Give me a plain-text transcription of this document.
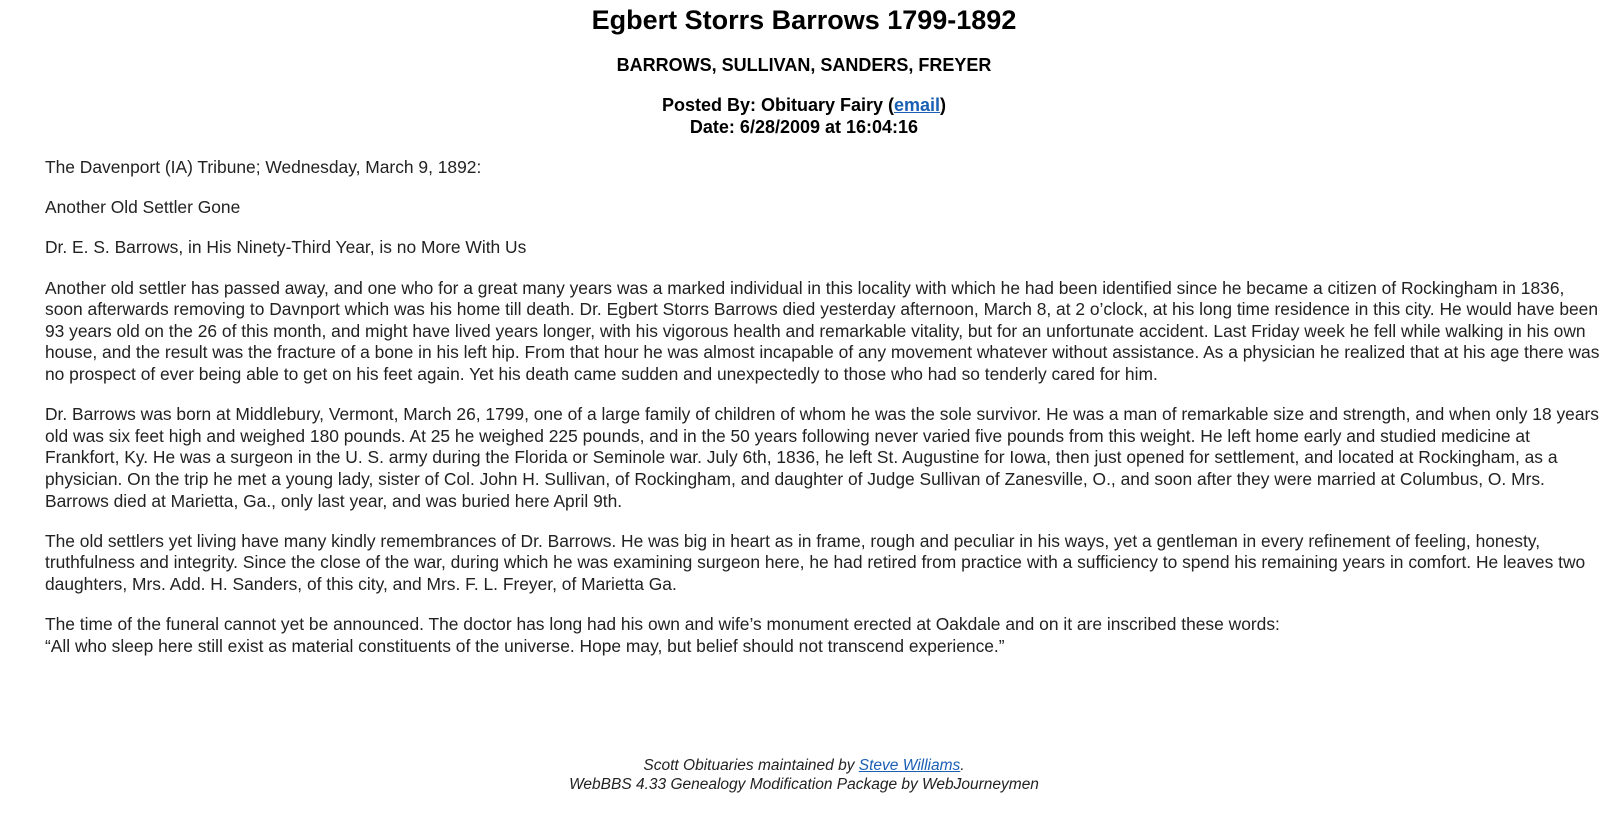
Egbert Storrs Barrows 1799-1892
BARROWS, SULLIVAN, SANDERS, FREYER
Posted By: Obituary Fairy (email)
Date: 6/28/2009 at 16:04:16

The Davenport (IA) Tribune; Wednesday, March 9, 1892:

Another Old Settler Gone

Dr. E. S. Barrows, in His Ninety-Third Year, is no More With Us

Another old settler has passed away, and one who for a great many years was a marked individual in this locality with which he had been identified since he became a citizen of Rockingham in 1836, soon afterwards removing to Davnport which was his home till death. Dr. Egbert Storrs Barrows died yesterday afternoon, March 8, at 2 o’clock, at his long time residence in this city. He would have been 93 years old on the 26 of this month, and might have lived years longer, with his vigorous health and remarkable vitality, but for an unfortunate accident. Last Friday week he fell while walking in his own house, and the result was the fracture of a bone in his left hip. From that hour he was almost incapable of any movement whatever without assistance. As a physician he realized that at his age there was no prospect of ever being able to get on his feet again. Yet his death came sudden and unexpectedly to those who had so tenderly cared for him.

Dr. Barrows was born at Middlebury, Vermont, March 26, 1799, one of a large family of children of whom he was the sole survivor. He was a man of remarkable size and strength, and when only 18 years old was six feet high and weighed 180 pounds. At 25 he weighed 225 pounds, and in the 50 years following never varied five pounds from this weight. He left home early and studied medicine at Frankfort, Ky. He was a surgeon in the U. S. army during the Florida or Seminole war. July 6th, 1836, he left St. Augustine for Iowa, then just opened for settlement, and located at Rockingham, as a physician. On the trip he met a young lady, sister of Col. John H. Sullivan, of Rockingham, and daughter of Judge Sullivan of Zanesville, O., and soon after they were married at Columbus, O. Mrs. Barrows died at Marietta, Ga., only last year, and was buried here April 9th.

The old settlers yet living have many kindly remembrances of Dr. Barrows. He was big in heart as in frame, rough and peculiar in his ways, yet a gentleman in every refinement of feeling, honesty, truthfulness and integrity. Since the close of the war, during which he was examining surgeon here, he had retired from practice with a sufficiency to spend his remaining years in comfort. He leaves two daughters, Mrs. Add. H. Sanders, of this city, and Mrs. F. L. Freyer, of Marietta Ga.

The time of the funeral cannot yet be announced. The doctor has long had his own and wife’s monument erected at Oakdale and on it are inscribed these words:
“All who sleep here still exist as material constituents of the universe. Hope may, but belief should not transcend experience.”

Scott Obituaries maintained by Steve Williams.
WebBBS 4.33 Genealogy Modification Package by WebJourneymen
